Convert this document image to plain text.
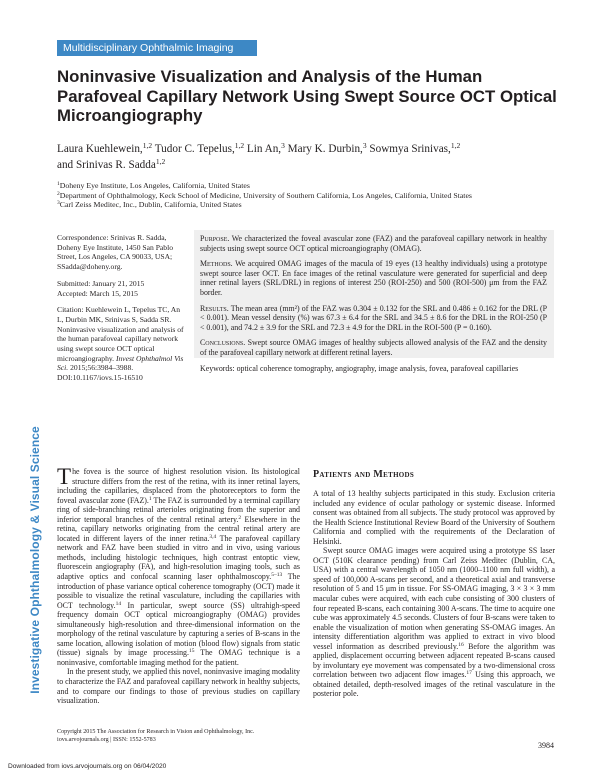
Multidisciplinary Ophthalmic Imaging
Investigative Ophthalmology & Visual Science
Noninvasive Visualization and Analysis of the Human Parafoveal Capillary Network Using Swept Source OCT Optical Microangiography
Laura Kuehlewein,$^{1,2}$ Tudor C. Tepelus,$^{1,2}$ Lin An,$^3$ Mary K. Durbin,$^3$ Sowmya Srinivas,$^{1,2}$
and Srinivas R. Sadda$^{1,2}$
$^1$Doheny Eye Institute, Los Angeles, California, United States
$^2$Department of Ophthalmology, Keck School of Medicine, University of Southern California, Los Angeles, California, United States
$^3$Carl Zeiss Meditec, Inc., Dublin, California, United States

Correspondence: Srinivas R. Sadda, Doheny Eye Institute, 1450 San Pablo Street, Los Angeles, CA 90033, USA; SSadda@doheny.org.

Submitted: January 21, 2015
Accepted: March 15, 2015

Citation: Kuehlewein L, Tepelus TC, An L, Durbin MK, Srinivas S, Sadda SR. Noninvasive visualization and analysis of the human parafoveal capillary network using swept source OCT optical microangiography. Invest Ophthalmol Vis Sci. 2015;56:3984–3988. DOI:10.1167/iovs.15-16510

Purpose. We characterized the foveal avascular zone (FAZ) and the parafoveal capillary network in healthy subjects using swept source OCT optical microangiography (OMAG).

Methods. We acquired OMAG images of the macula of 19 eyes (13 healthy individuals) using a prototype swept source laser OCT. En face images of the retinal vasculature were generated for superficial and deep inner retinal layers (SRL/DRL) in regions of interest 250 (ROI-250) and 500 (ROI-500) μm from the FAZ border.

Results. The mean area (mm²) of the FAZ was 0.304 ± 0.132 for the SRL and 0.486 ± 0.162 for the DRL (P < 0.001). Mean vessel density (%) was 67.3 ± 6.4 for the SRL and 34.5 ± 8.6 for the DRL in the ROI-250 (P < 0.001), and 74.2 ± 3.9 for the SRL and 72.3 ± 4.9 for the DRL in the ROI-500 (P = 0.160).

Conclusions. Swept source OMAG images of healthy subjects allowed analysis of the FAZ and the density of the parafoveal capillary network at different retinal layers.

Keywords: optical coherence tomography, angiography, image analysis, fovea, parafoveal capillaries

The fovea is the source of highest resolution vision. Its histological structure differs from the rest of the retina, with its inner retinal layers, including the capillaries, displaced from the photoreceptors to form the foveal avascular zone (FAZ).$^1$ The FAZ is surrounded by a terminal capillary ring of side-branching retinal arterioles originating from the superior and inferior temporal branches of the central retinal artery.$^2$ Elsewhere in the retina, capillary networks originating from the central retinal artery are located in different layers of the inner retina.$^{3,4}$ The parafoveal capillary network and FAZ have been studied in vitro and in vivo, using various methods, including histologic techniques, high contrast entoptic view, fluorescein angiography (FA), and high-resolution imaging tools, such as adaptive optics and confocal scanning laser ophthalmoscopy.$^{5-13}$ The introduction of phase variance optical coherence tomography (OCT) made it possible to visualize the retinal vasculature, including the capillaries with OCT technology.$^{14}$ In particular, swept source (SS) ultrahigh-speed frequency domain OCT optical microangiography (OMAG) provides simultaneously high-resolution and three-dimensional information on the morphology of the retinal vasculature by capturing a series of B-scans in the same location, allowing isolation of motion (blood flow) signals from static (tissue) signals by image processing.$^{15}$ The OMAG technique is a noninvasive, comfortable imaging method for the patient.

In the present study, we applied this novel, noninvasive imaging modality to characterize the FAZ and parafoveal capillary network in healthy subjects, and to compare our findings to those of previous studies on capillary visualization.

Patients and Methods

A total of 13 healthy subjects participated in this study. Exclusion criteria included any evidence of ocular pathology or systemic disease. Informed consent was obtained from all subjects. The study protocol was approved by the Health Science Institutional Review Board of the University of Southern California and complied with the requirements of the Declaration of Helsinki.

Swept source OMAG images were acquired using a prototype SS laser OCT (510K clearance pending) from Carl Zeiss Meditec (Dublin, CA, USA) with a central wavelength of 1050 nm (1000–1100 nm full width), a speed of 100,000 A-scans per second, and a theoretical axial and transverse resolution of 5 and 15 μm in tissue. For SS-OMAG imaging, 3 × 3 × 3 mm macular cubes were acquired, with each cube consisting of 300 clusters of four repeated B-scans, each containing 300 A-scans. The time to acquire one cube was approximately 4.5 seconds. Clusters of four B-scans were taken to enable the visualization of motion when generating SS-OMAG images. An intensity differentiation algorithm was applied to extract in vivo blood vessel information as described previously.$^{16}$ Before the algorithm was applied, displacement occurring between adjacent repeated B-scans caused by involuntary eye movement was compensated by a two-dimensional cross correlation between two adjacent flow images.$^{17}$ Using this approach, we obtained detailed, depth-resolved images of the retinal vasculature in the posterior pole.

Copyright 2015 The Association for Research in Vision and Ophthalmology, Inc.
iovs.arvojournals.org | ISSN: 1552-5783
3984
Downloaded from iovs.arvojournals.org on 06/04/2020
